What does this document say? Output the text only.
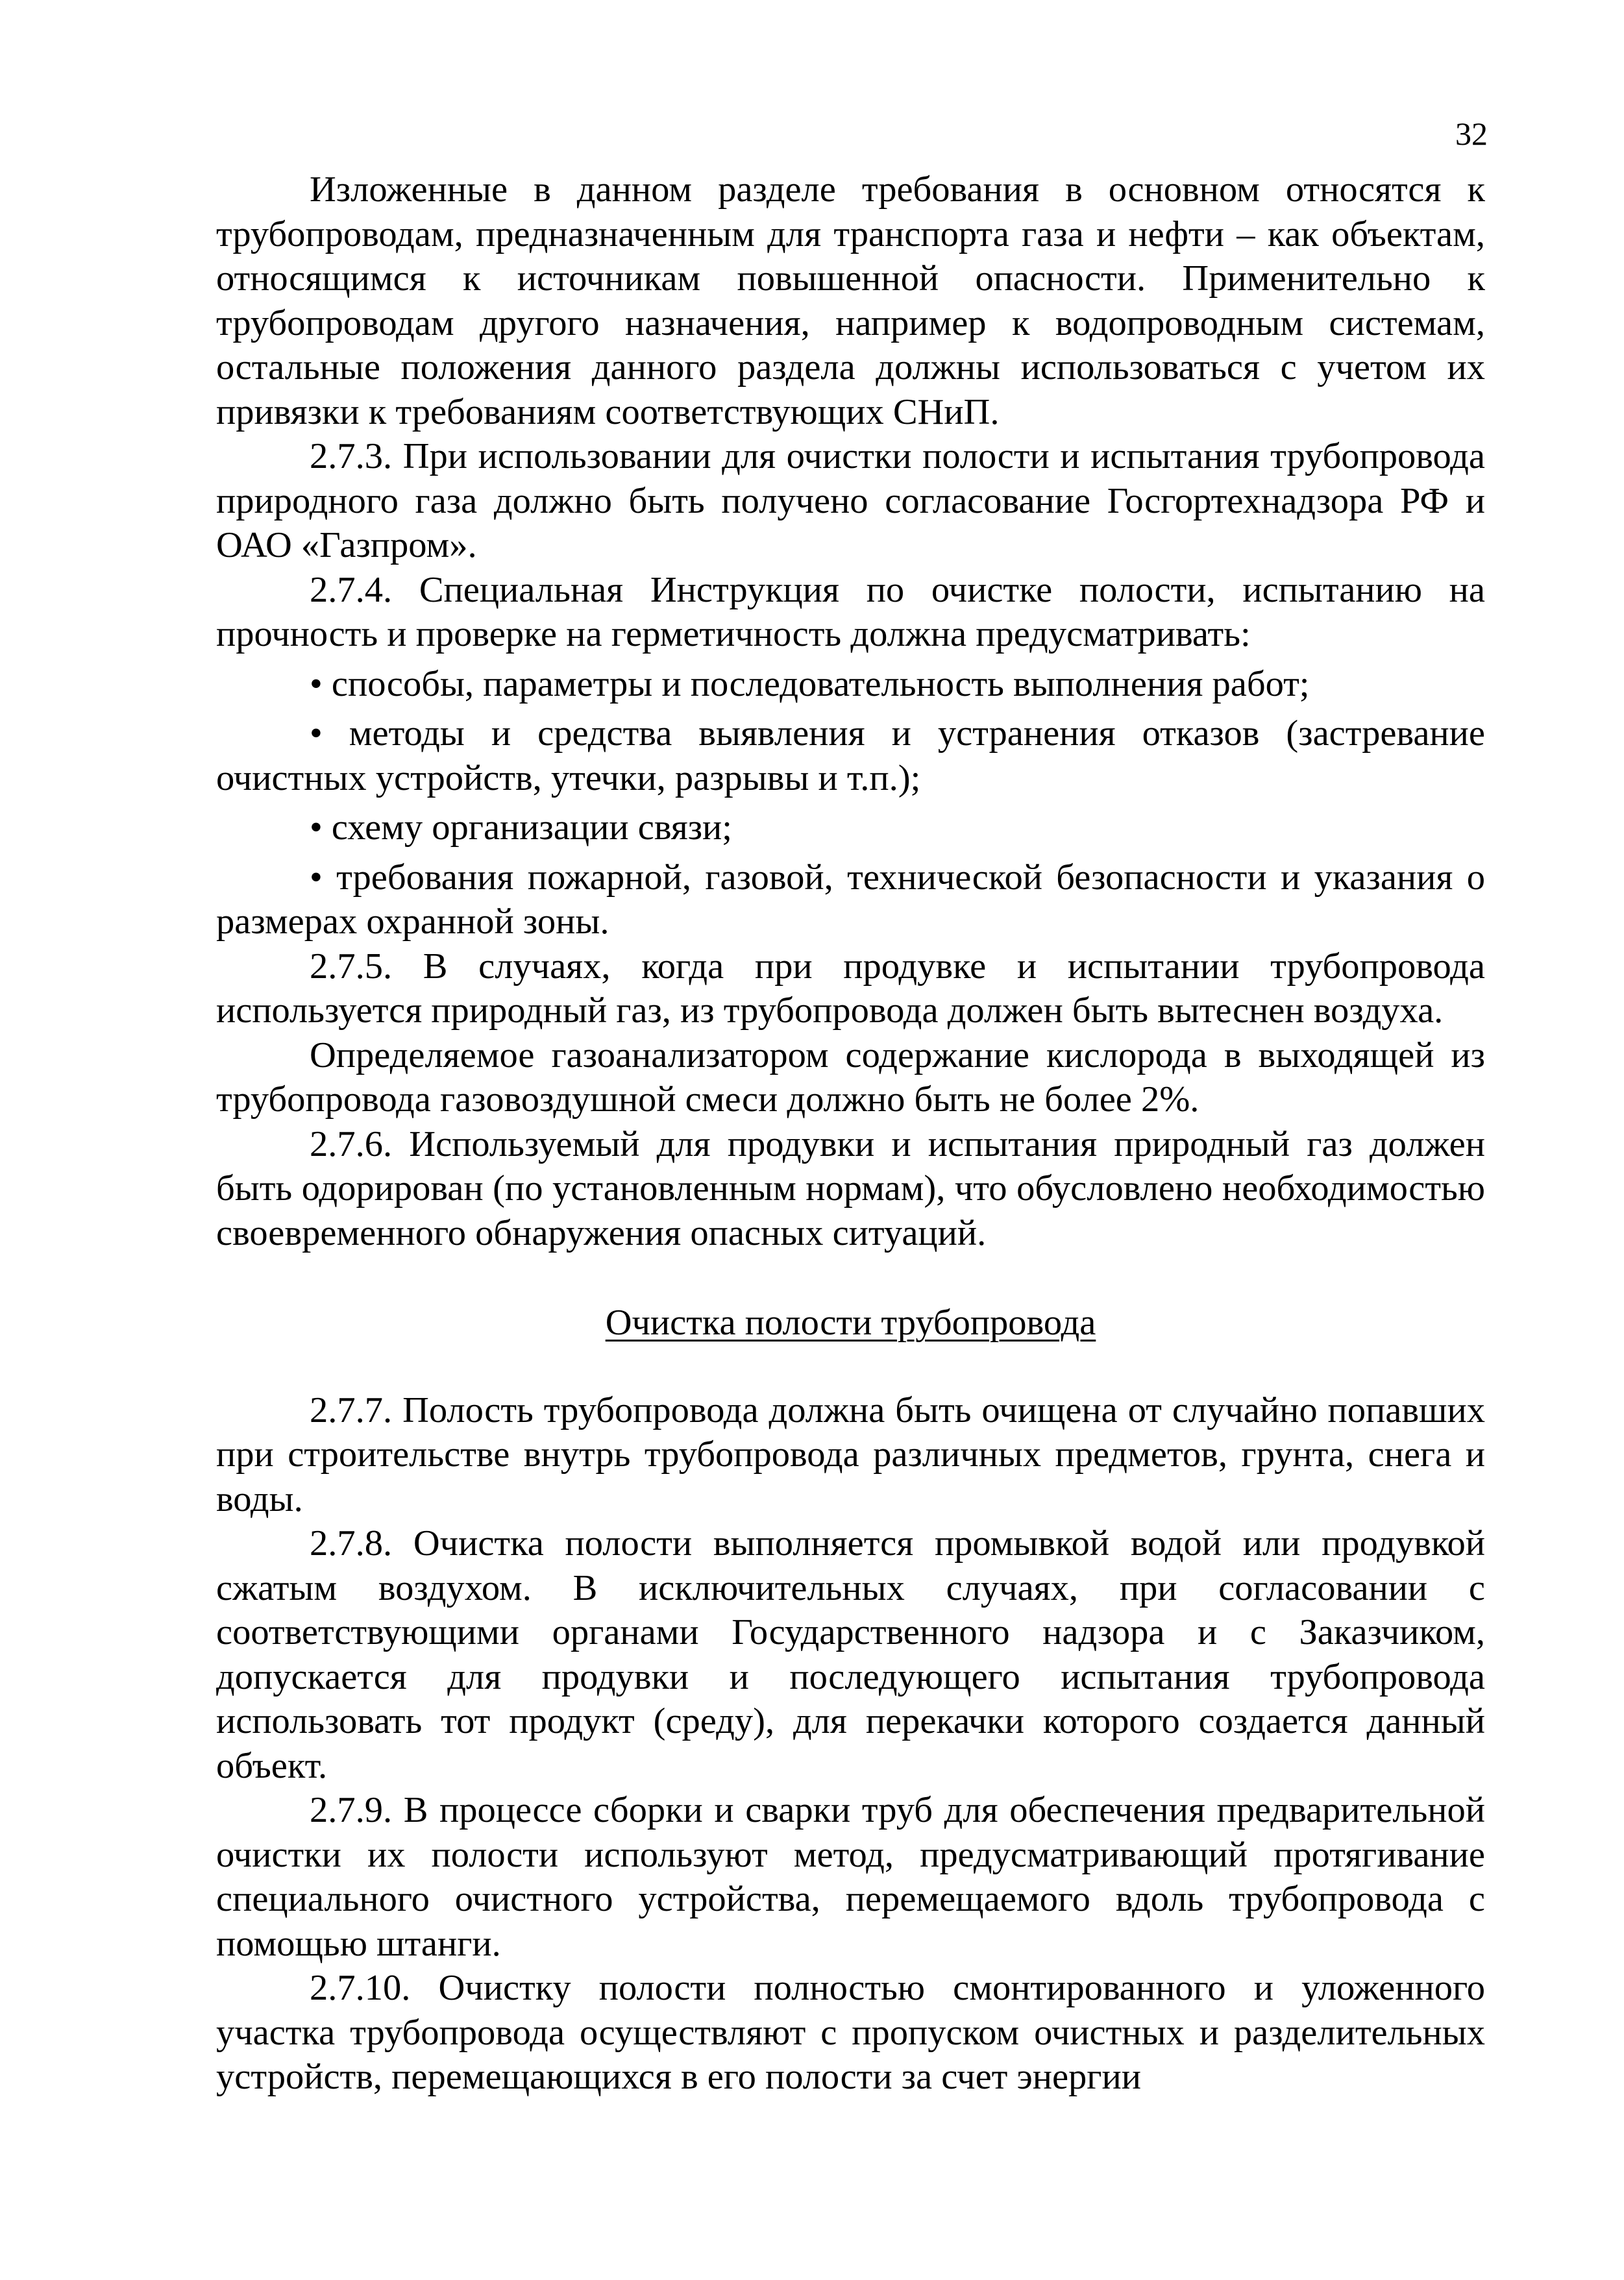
32

Изложенные в данном разделе требования в основном относятся к трубопроводам, предназначенным для транспорта газа и нефти – как объектам, относящимся к источникам повышенной опасности. Применительно к трубопроводам другого назначения, например к водопроводным системам, остальные положения данного раздела должны использоваться с учетом их привязки к требованиям соответствующих СНиП.

2.7.3. При использовании для очистки полости и испытания трубопровода природного газа должно быть получено согласование Госгортехнадзора РФ и ОАО «Газпром».

2.7.4. Специальная Инструкция по очистке полости, испытанию на прочность и проверке на герметичность должна предусматривать:

• способы, параметры и последовательность выполнения работ;

• методы и средства выявления и устранения отказов (застревание очистных устройств, утечки, разрывы и т.п.);

• схему организации связи;

• требования пожарной, газовой, технической безопасности и указания о размерах охранной зоны.

2.7.5. В случаях, когда при продувке и испытании трубопровода используется природный газ, из трубопровода должен быть вытеснен воздуха.

Определяемое газоанализатором содержание кислорода в выходящей из трубопровода газовоздушной смеси должно быть не более 2%.

2.7.6. Используемый для продувки и испытания природный газ должен быть одорирован (по установленным нормам), что обусловлено необходимостью своевременного обнаружения опасных ситуаций.

Очистка полости трубопровода

2.7.7. Полость трубопровода должна быть очищена от случайно попавших при строительстве внутрь трубопровода различных предметов, грунта, снега и воды.

2.7.8. Очистка полости выполняется промывкой водой или продувкой сжатым воздухом. В исключительных случаях, при согласовании с соответствующими органами Государственного надзора и с Заказчиком, допускается для продувки и последующего испытания трубопровода использовать тот продукт (среду), для перекачки которого создается данный объект.

2.7.9. В процессе сборки и сварки труб для обеспечения предварительной очистки их полости используют метод, предусматривающий протягивание специального очистного устройства, перемещаемого вдоль трубопровода с помощью штанги.

2.7.10. Очистку полости полностью смонтированного и уложенного участка трубопровода осуществляют с пропуском очистных и разделительных устройств, перемещающихся в его полости за счет энергии
